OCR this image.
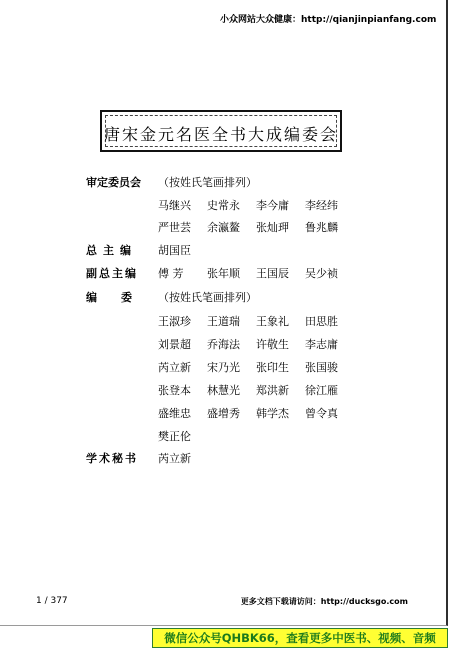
小众网站大众健康：http://qianjinpianfang.com
唐宋金元名医全书大成编委会
审定委员会 （按姓氏笔画排列）
马继兴	史常永	李今庸	李经纬
严世芸	余瀛鳌	张灿玾	鲁兆麟
总主编 胡国臣
副总主编 傅 芳	张年顺	王国辰	吴少祯
编委 （按姓氏笔画排列）
王淑珍	王道瑞	王象礼	田思胜
刘景超	乔海法	许敬生	李志庸
芮立新	宋乃光	张印生	张国骏
张登本	林慧光	郑洪新	徐江雁
盛维忠	盛增秀	韩学杰	曾令真
樊正伦
学术秘书 芮立新
1 / 377	更多文档下载请访问：http://ducksgo.com
微信公众号QHBK66，查看更多中医书、视频、音频
